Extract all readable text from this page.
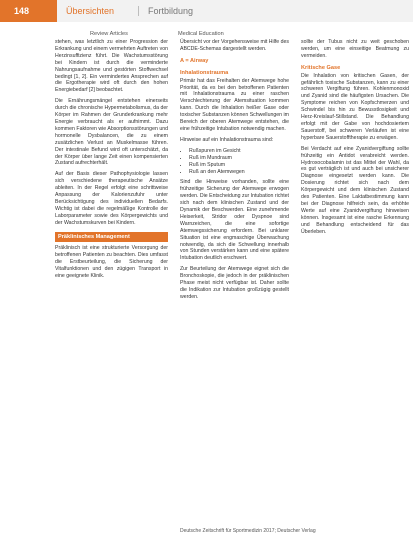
148	Übersichten	Fortbildung
Review Articles	Medical Education

stehen, was letztlich zu einer Progression der Erkrankung und einem vermehrten Auftreten von Herzinsuffizienz führt. Die Wachstumsstörung bei Kindern ist durch die verminderte Nahrungsaufnahme und gestörten Stoffwechsel bedingt [1, 2]. Ein vermindertes Ansprechen auf die Ergotherapie wird oft durch den hohen Energiebedarf [2] beobachtet.

Die Ernährungsmängel entstehen einerseits durch die chronische Hypermetabolismus, da der Körper im Rahmen der Grunderkrankung mehr Energie verbraucht als er aufnimmt. Dazu kommen Faktoren wie Absorptionsstörungen und hormonelle Dysbalancen, die zu einem zusätzlichen Verlust an Muskelmasse führen. Der intestinale Befund wird oft unterschätzt, da der Körper über lange Zeit einen kompensierten Zustand aufrechterhält.

Auf der Basis dieser Pathophysiologie lassen sich verschiedene therapeutische Ansätze ableiten. In der Regel erfolgt eine schrittweise Anpassung der Kalorienzufuhr unter Berücksichtigung des individuellen Bedarfs. Wichtig ist dabei die regelmäßige Kontrolle der Laborparameter sowie des Körpergewichts und der Wachstumskurven bei Kindern.

Präklinisches Management

Präklinisch ist eine strukturierte Versorgung der betroffenen Patienten zu beachten. Dies umfasst die Erstbeurteilung, die Sicherung der Vitalfunktionen und den zügigen Transport in eine geeignete Klinik.

Übersicht vor der Vorgehensweise mit Hilfe des ABCDE-Schemas dargestellt werden.

A = Airway
Inhalationstrauma

Primär hat das Freihalten der Atemwege hohe Priorität, da es bei den betroffenen Patienten mit Inhalationstrauma zu einer raschen Verschlechterung der Atemsituation kommen kann. Durch die Inhalation heißer Gase oder toxischer Substanzen können Schwellungen im Bereich der oberen Atemwege entstehen, die eine frühzeitige Intubation notwendig machen.

Hinweise auf ein Inhalationstrauma sind:

• Rußspuren im Gesicht
• Ruß im Mundraum
• Ruß im Sputum
• Ruß an den Atemwegen

Sind die Hinweise vorhanden, sollte eine frühzeitige Sicherung der Atemwege erwogen werden. Die Entscheidung zur Intubation richtet sich nach dem klinischen Zustand und der Dynamik der Beschwerden. Eine zunehmende Heiserkeit, Stridor oder Dyspnoe sind Warnzeichen, die eine sofortige Atemwegssicherung erfordern. Bei unklarer Situation ist eine engmaschige Überwachung notwendig, da sich die Schwellung innerhalb von Stunden verstärken kann und eine spätere Intubation deutlich erschwert.

Zur Beurteilung der Atemwege eignet sich die Bronchoskopie, die jedoch in der präklinischen Phase meist nicht verfügbar ist. Daher sollte die Indikation zur Intubation großzügig gestellt werden.

sollte der Tubus nicht zu weit geschoben werden, um eine einseitige Beatmung zu vermeiden.

Kritische Gase

Die Inhalation von kritischen Gasen, der gefährlich toxische Substanzen, kann zu einer schweren Vergiftung führen. Kohlenmonoxid und Zyanid sind die häufigsten Ursachen. Die Symptome reichen von Kopfschmerzen und Schwindel bis hin zu Bewusstlosigkeit und Herz-Kreislauf-Stillstand. Die Behandlung erfolgt mit der Gabe von hochdosiertem Sauerstoff, bei schweren Verläufen ist eine hyperbare Sauerstofftherapie zu erwägen.

Bei Verdacht auf eine Zyanidvergiftung sollte frühzeitig ein Antidot verabreicht werden. Hydroxocobalamin ist das Mittel der Wahl, da es gut verträglich ist und auch bei unsicherer Diagnose eingesetzt werden kann. Die Dosierung richtet sich nach dem Körpergewicht und dem klinischen Zustand des Patienten. Eine Laktatbestimmung kann bei der Diagnose hilfreich sein, da erhöhte Werte auf eine Zyanidvergiftung hinweisen können. Insgesamt ist eine rasche Erkennung und Behandlung entscheidend für das Überleben.

Deutsche Zeitschrift für Sportmedizin 2017; Deutscher Verlag
